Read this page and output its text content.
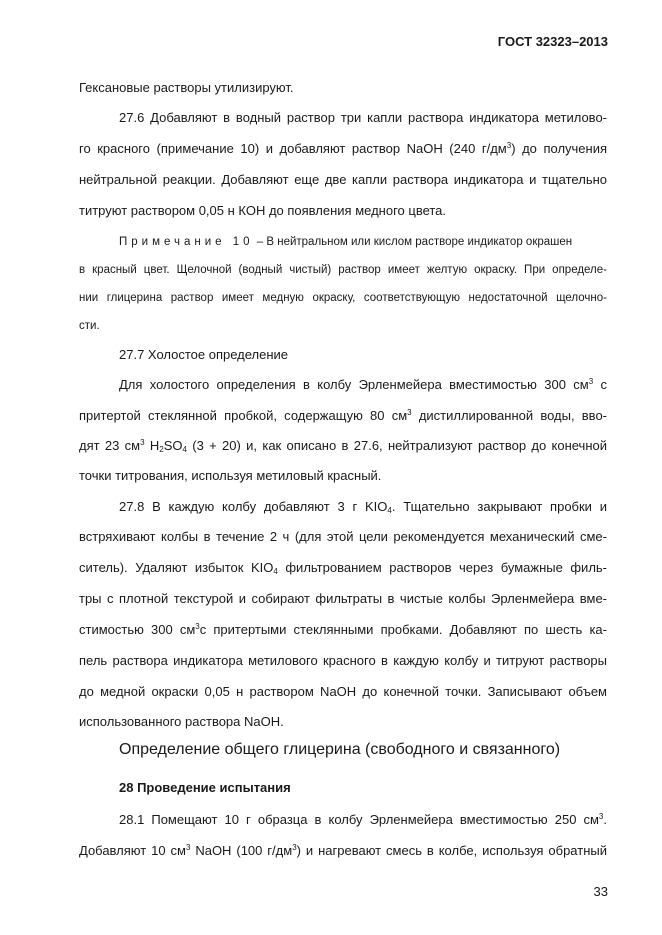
ГОСТ 32323–2013
Гексановые растворы утилизируют.
27.6 Добавляют в водный раствор три капли раствора индикатора метилово-
го красного (примечание 10) и добавляют раствор NaOH (240 $г/дм^3$) до получения
нейтральной реакции. Добавляют еще две капли раствора индикатора и тщательно
титруют раствором 0,05 н КОН до появления медного цвета.
Примечание 10 – В нейтральном или кислом растворе индикатор окрашен
в красный цвет. Щелочной (водный чистый) раствор имеет желтую окраску. При определе-
нии глицерина раствор имеет медную окраску, соответствующую недостаточной щелочно-
сти.
27.7 Холостое определение
Для холостого определения в колбу Эрленмейера вместимостью 300 $см^3$ с
притертой стеклянной пробкой, содержащую 80 $см^3$ дистиллированной воды, вво-
дят 23 $см^3$ $H_2SO_4$ (3 + 20) и, как описано в 27.6, нейтрализуют раствор до конечной
точки титрования, используя метиловый красный.
27.8 В каждую колбу добавляют 3 г $KIO_4$. Тщательно закрывают пробки и
встряхивают колбы в течение 2 ч (для этой цели рекомендуется механический сме-
ситель). Удаляют избыток $KIO_4$ фильтрованием растворов через бумажные филь-
тры с плотной текстурой и собирают фильтраты в чистые колбы Эрленмейера вме-
стимостью 300 $см^3с$ притертыми стеклянными пробками. Добавляют по шесть ка-
пель раствора индикатора метилового красного в каждую колбу и титруют растворы
до медной окраски 0,05 н раствором NaOH до конечной точки. Записывают объем
использованного раствора NaOH.
Определение общего глицерина (свободного и связанного)
28 Проведение испытания
28.1 Помещают 10 г образца в колбу Эрленмейера вместимостью 250 $см^3$.
Добавляют 10 $см^3$ NaOH (100 $г/дм^3$) и нагревают смесь в колбе, используя обратный
33
